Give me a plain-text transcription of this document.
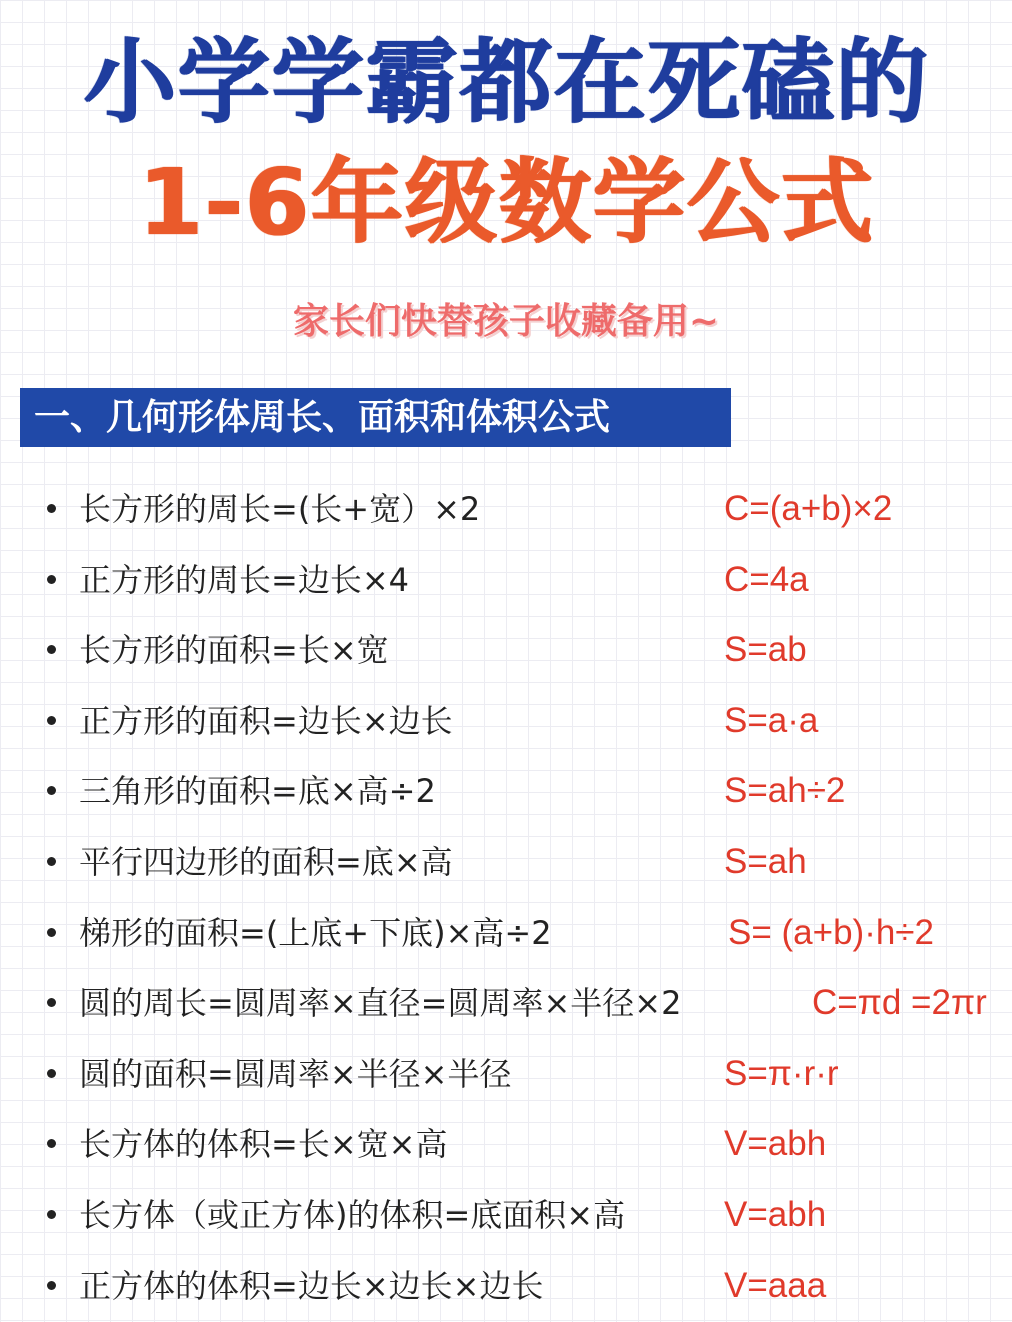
小学学霸都在死磕的
1-6年级数学公式
家长们快替孩子收藏备用~
一、几何形体周长、面积和体积公式
长方形的周长=(长+宽）×2	C=(a+b)×2
正方形的周长=边长×4	C=4a
长方形的面积=长×宽	S=ab
正方形的面积=边长×边长	S=a·a
三角形的面积=底×高÷2	S=ah÷2
平行四边形的面积=底×高	S=ah
梯形的面积=(上底+下底)×高÷2	S= (a+b)·h÷2
圆的周长=圆周率×直径=圆周率×半径×2	C=πd =2πr
圆的面积=圆周率×半径×半径	S=π·r·r
长方体的体积=长×宽×高	V=abh
长方体（或正方体)的体积=底面积×高	V=abh
正方体的体积=边长×边长×边长	V=aaa
